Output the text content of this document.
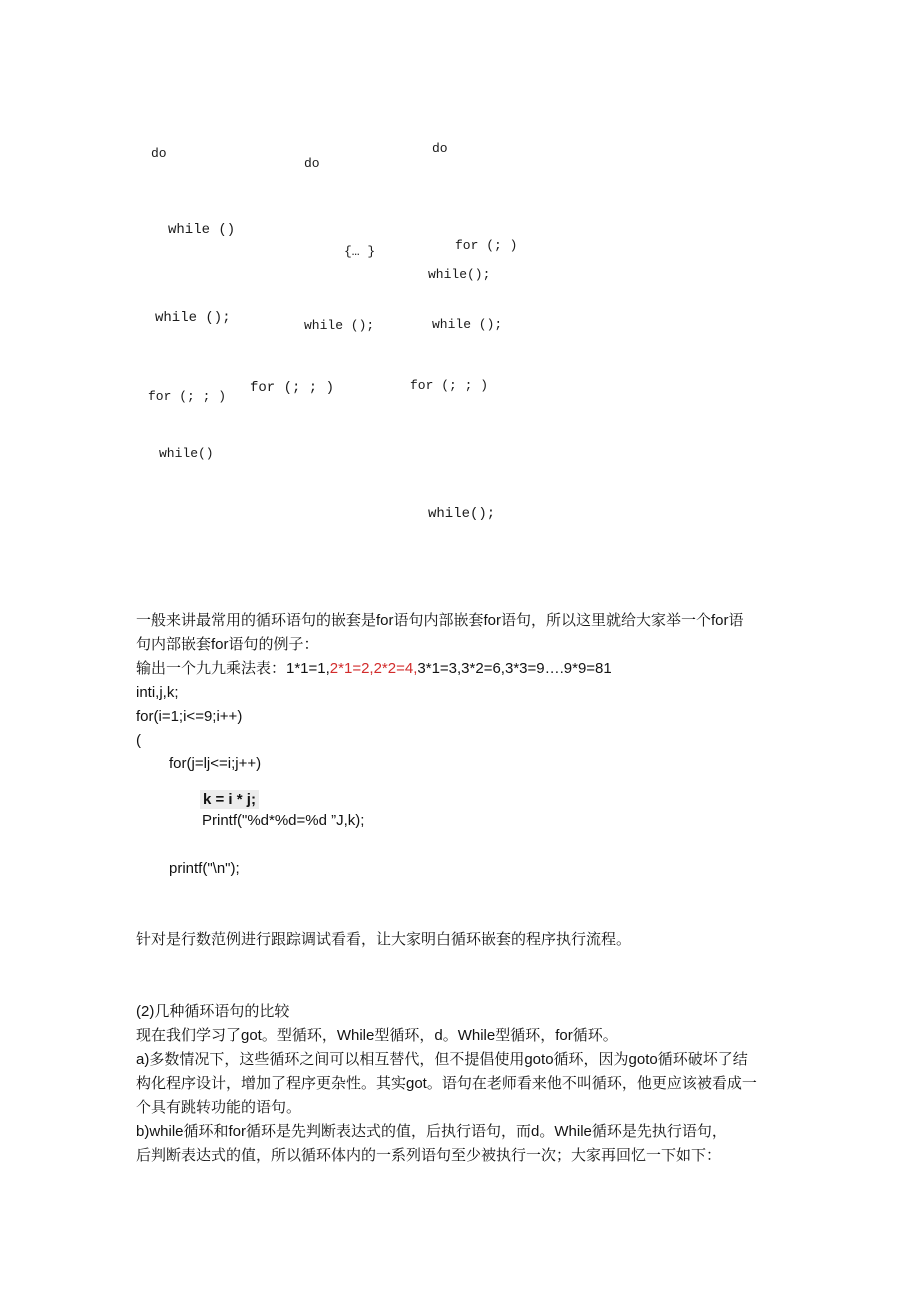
do
do
do
while ()
{… }	for (; )
while();
while ();	while ();	while ();
for (; ; )
for (; ; )	for (; ; )
while()
while();
一般来讲最常用的循环语句的嵌套是for语句内部嵌套for语句，所以这里就给大家举一个for语
句内部嵌套for语句的例子：
输出一个九九乘法表：1*1=1,2*1=2,2*2=4,3*1=3,3*2=6,3*3=9….9*9=81
inti,j,k;
for(i=1;i<=9;i++)
(
for(j=lj<=i;j++)
k = i * j;
Printf("%d*%d=%d ”J,k);
printf("\n");
针对是行数范例进行跟踪调试看看，让大家明白循环嵌套的程序执行流程。
(2)几种循环语句的比较
现在我们学习了got。型循环，While型循环，d。While型循环，for循环。
a)多数情况下，这些循环之间可以相互替代，但不提倡使用goto循环，因为goto循环破坏了结
构化程序设计，增加了程序更杂性。其实got。语句在老师看来他不叫循环，他更应该被看成一
个具有跳转功能的语句。
b)while循环和for循环是先判断表达式的值，后执行语句，而d。While循环是先执行语句，
后判断表达式的值，所以循环体内的一系列语句至少被执行一次；大家再回忆一下如下：
